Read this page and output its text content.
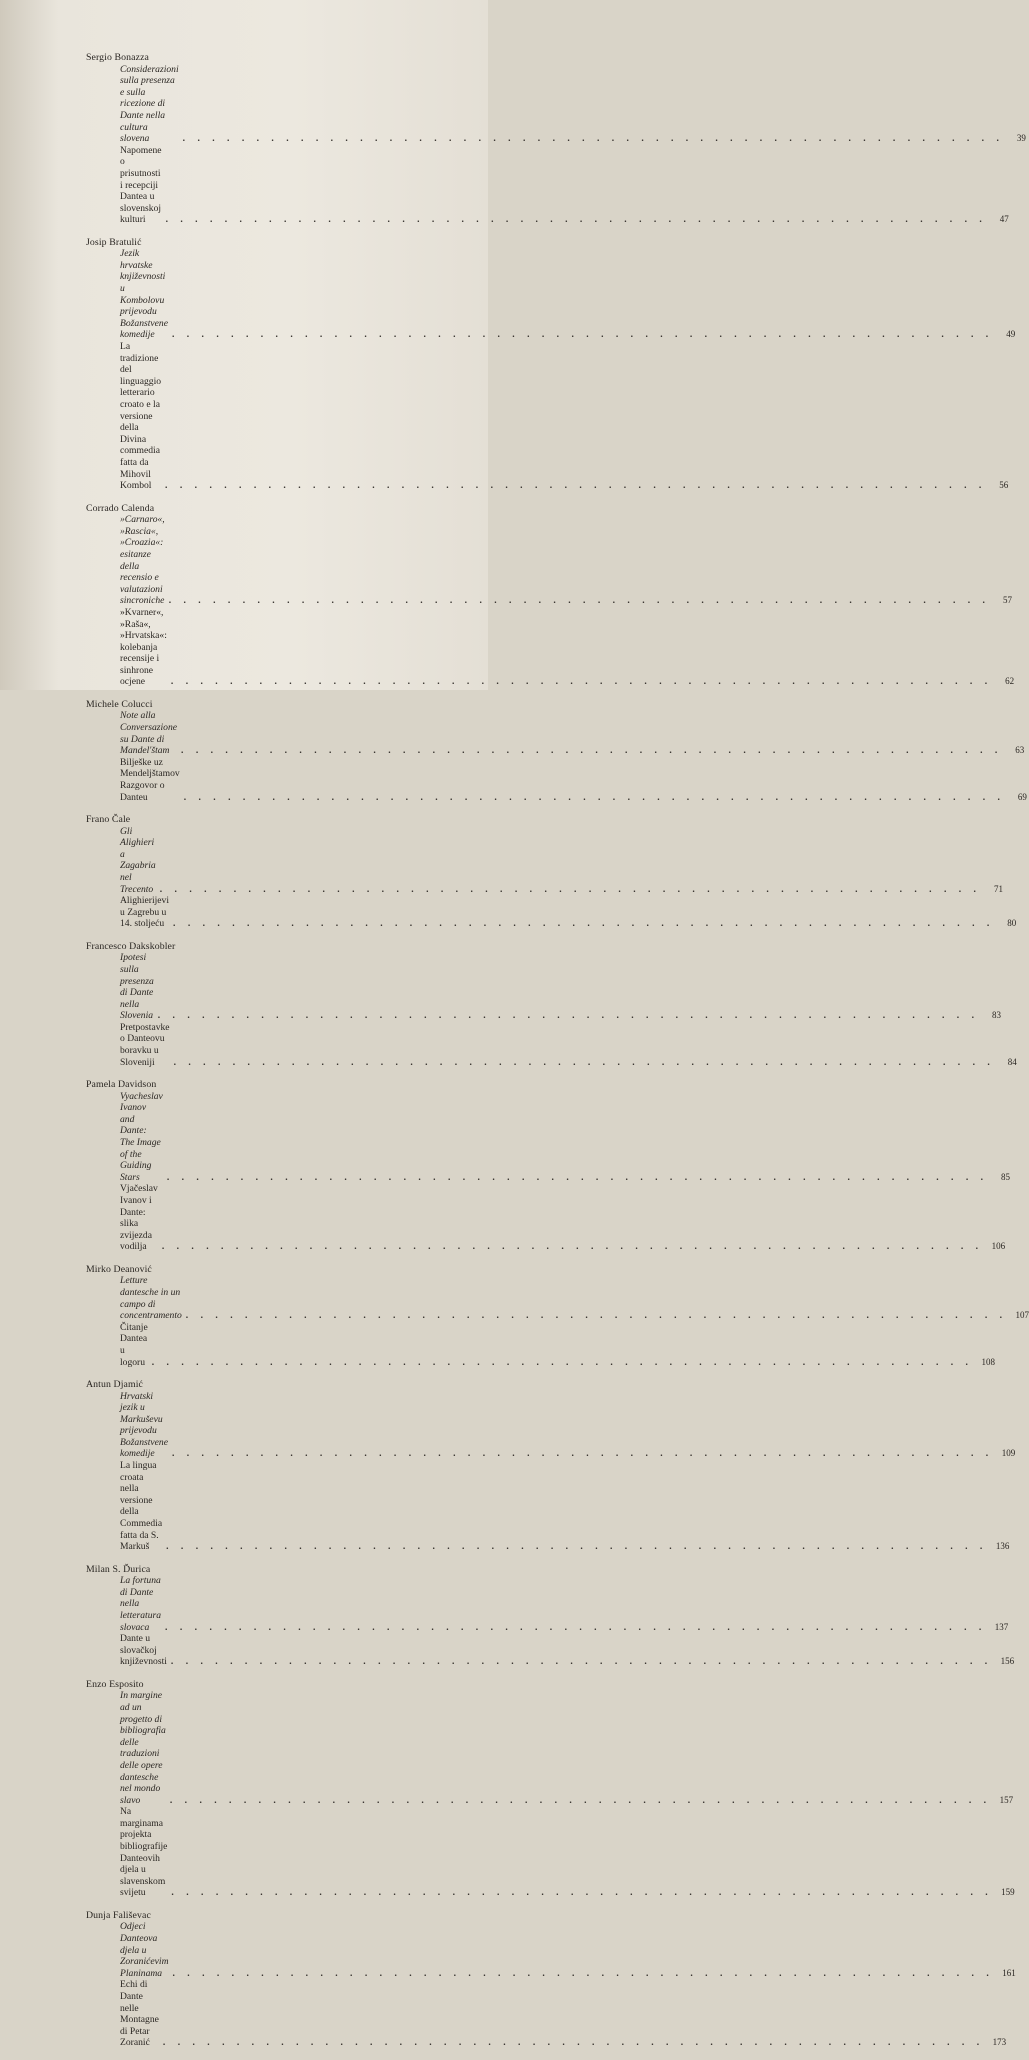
Sergio Bonazza
Considerazioni sulla presenza e sulla ricezione di Dante nella cultura slovena . . .	39
Napomene o prisutnosti i recepciji Dantea u slovenskoj kulturi . . .	47
Josip Bratulić
Jezik hrvatske književnosti u Kombolovu prijevodu Božanstvene komedije . . .	49
La tradizione del linguaggio letterario croato e la versione della Divina commedia fatta da Mihovil Kombol . . .	56
Corrado Calenda
»Carnaro«, »Rascia«, »Croazia«: esitanze della recensio e valutazioni sincroniche . . .	57
»Kvarner«, »Raša«, »Hrvatska«: kolebanja recensije i sinhrone ocjene . . .	62
Michele Colucci
Note alla Conversazione su Dante di Mandel'štam . . .	63
Bilješke uz Mendeljštamov Razgovor o Danteu . . .	69
Frano Čale
Gli Alighieri a Zagabria nel Trecento . . .	71
Alighierijevi u Zagrebu u 14. stoljeću . . .	80
Francesco Dakskobler
Ipotesi sulla presenza di Dante nella Slovenia . . .	83
Pretpostavke o Danteovu boravku u Sloveniji . . .	84
Pamela Davidson
Vyacheslav Ivanov and Dante: The Image of the Guiding Stars . . .	85
Vjačeslav Ivanov i Dante: slika zvijezda vodilja . . .	106
Mirko Deanović
Letture dantesche in un campo di concentramento . . .	107
Čitanje Dantea u logoru . . .	108
Antun Djamić
Hrvatski jezik u Markuševu prijevodu Božanstvene komedije . . .	109
La lingua croata nella versione della Commedia fatta da S. Markuš . . .	136
Milan S. Ďurica
La fortuna di Dante nella letteratura slovaca . . .	137
Dante u slovačkoj književnosti . . .	156
Enzo Esposito
In margine ad un progetto di bibliografia delle traduzioni delle opere dantesche nel mondo slavo . . .	157
Na marginama projekta bibliografije Danteovih djela u slavenskom svijetu . . .	159
Dunja Fališevac
Odjeci Danteova djela u Zoranićevim Planinama . . .	161
Echi di Dante nelle Montagne di Petar Zoranić . . .	173
